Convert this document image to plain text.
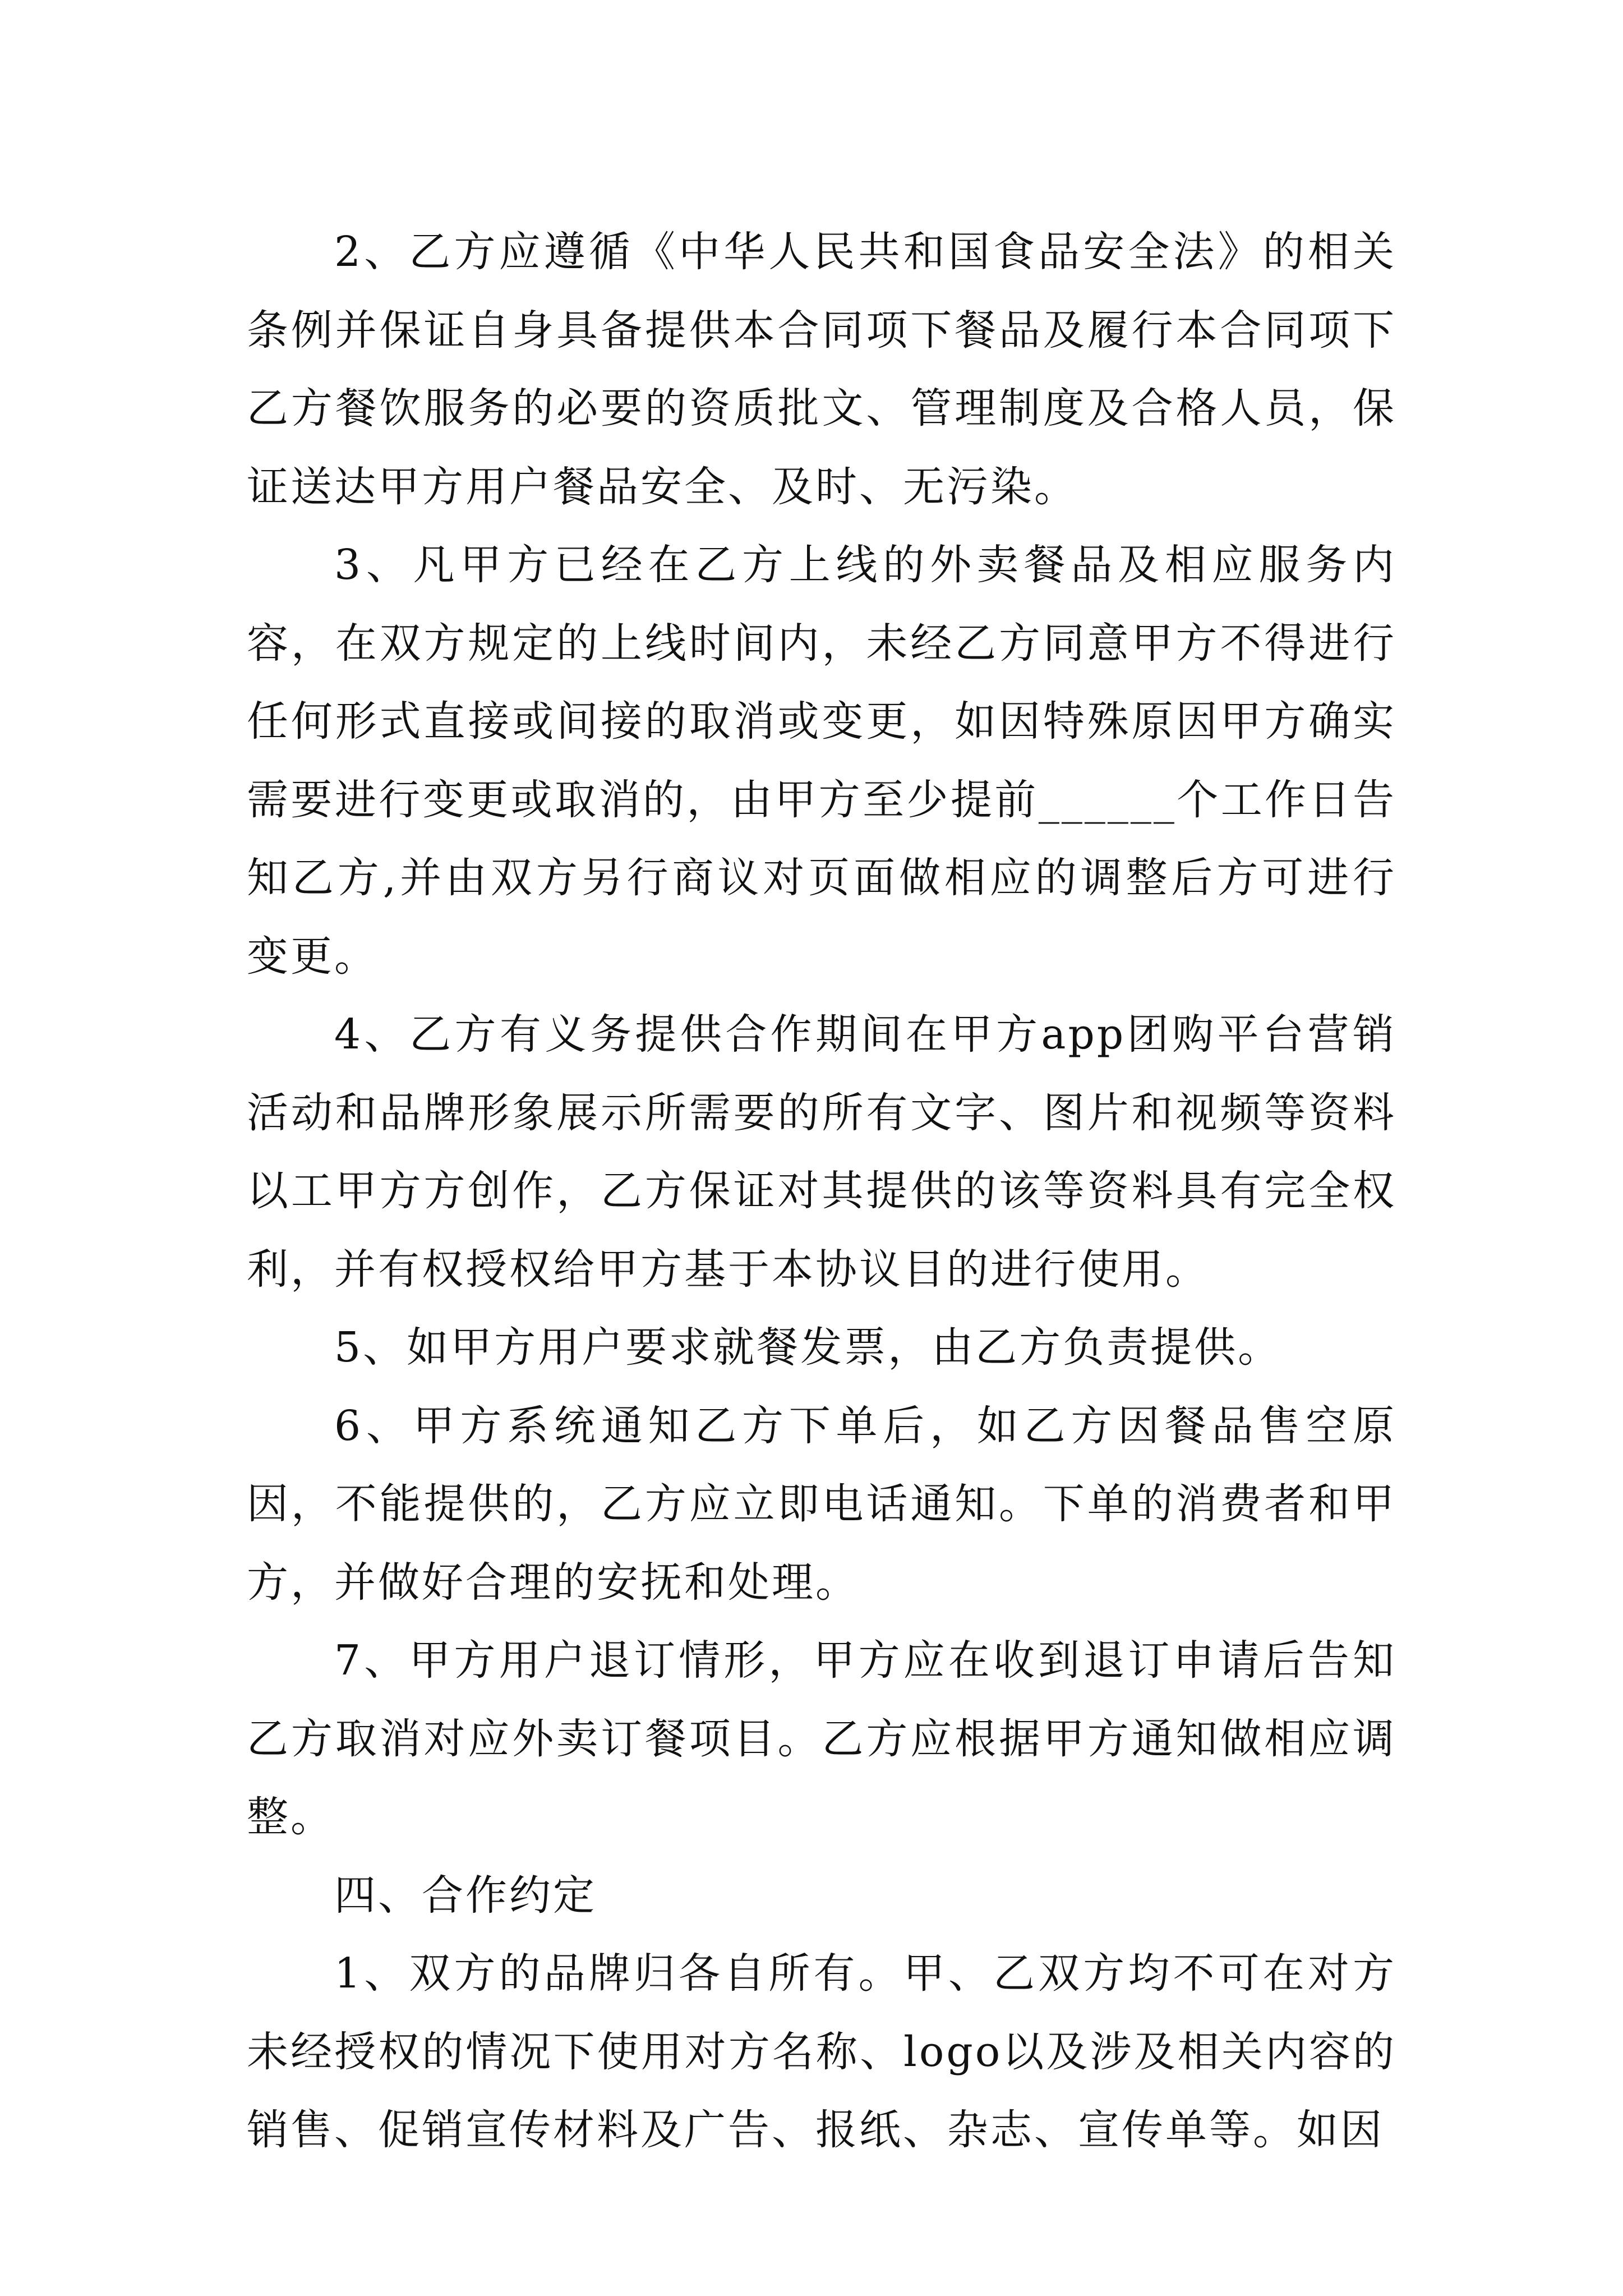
2、乙方应遵循《中华人民共和国食品安全法》的相关条例并保证自身具备提供本合同项下餐品及履行本合同项下乙方餐饮服务的必要的资质批文、管理制度及合格人员，保证送达甲方用户餐品安全、及时、无污染。

3、凡甲方已经在乙方上线的外卖餐品及相应服务内容，在双方规定的上线时间内，未经乙方同意甲方不得进行任何形式直接或间接的取消或变更，如因特殊原因甲方确实需要进行变更或取消的，由甲方至少提前______个工作日告知乙方,并由双方另行商议对页面做相应的调整后方可进行变更。

4、乙方有义务提供合作期间在甲方app团购平台营销活动和品牌形象展示所需要的所有文字、图片和视频等资料以工甲方方创作，乙方保证对其提供的该等资料具有完全权利，并有权授权给甲方基于本协议目的进行使用。

5、如甲方用户要求就餐发票，由乙方负责提供。

6、甲方系统通知乙方下单后，如乙方因餐品售空原因，不能提供的，乙方应立即电话通知。下单的消费者和甲方，并做好合理的安抚和处理。

7、甲方用户退订情形，甲方应在收到退订申请后告知乙方取消对应外卖订餐项目。乙方应根据甲方通知做相应调整。

四、合作约定

1、双方的品牌归各自所有。甲、乙双方均不可在对方未经授权的情况下使用对方名称、logo以及涉及相关内容的销售、促销宣传材料及广告、报纸、杂志、宣传单等。如因
